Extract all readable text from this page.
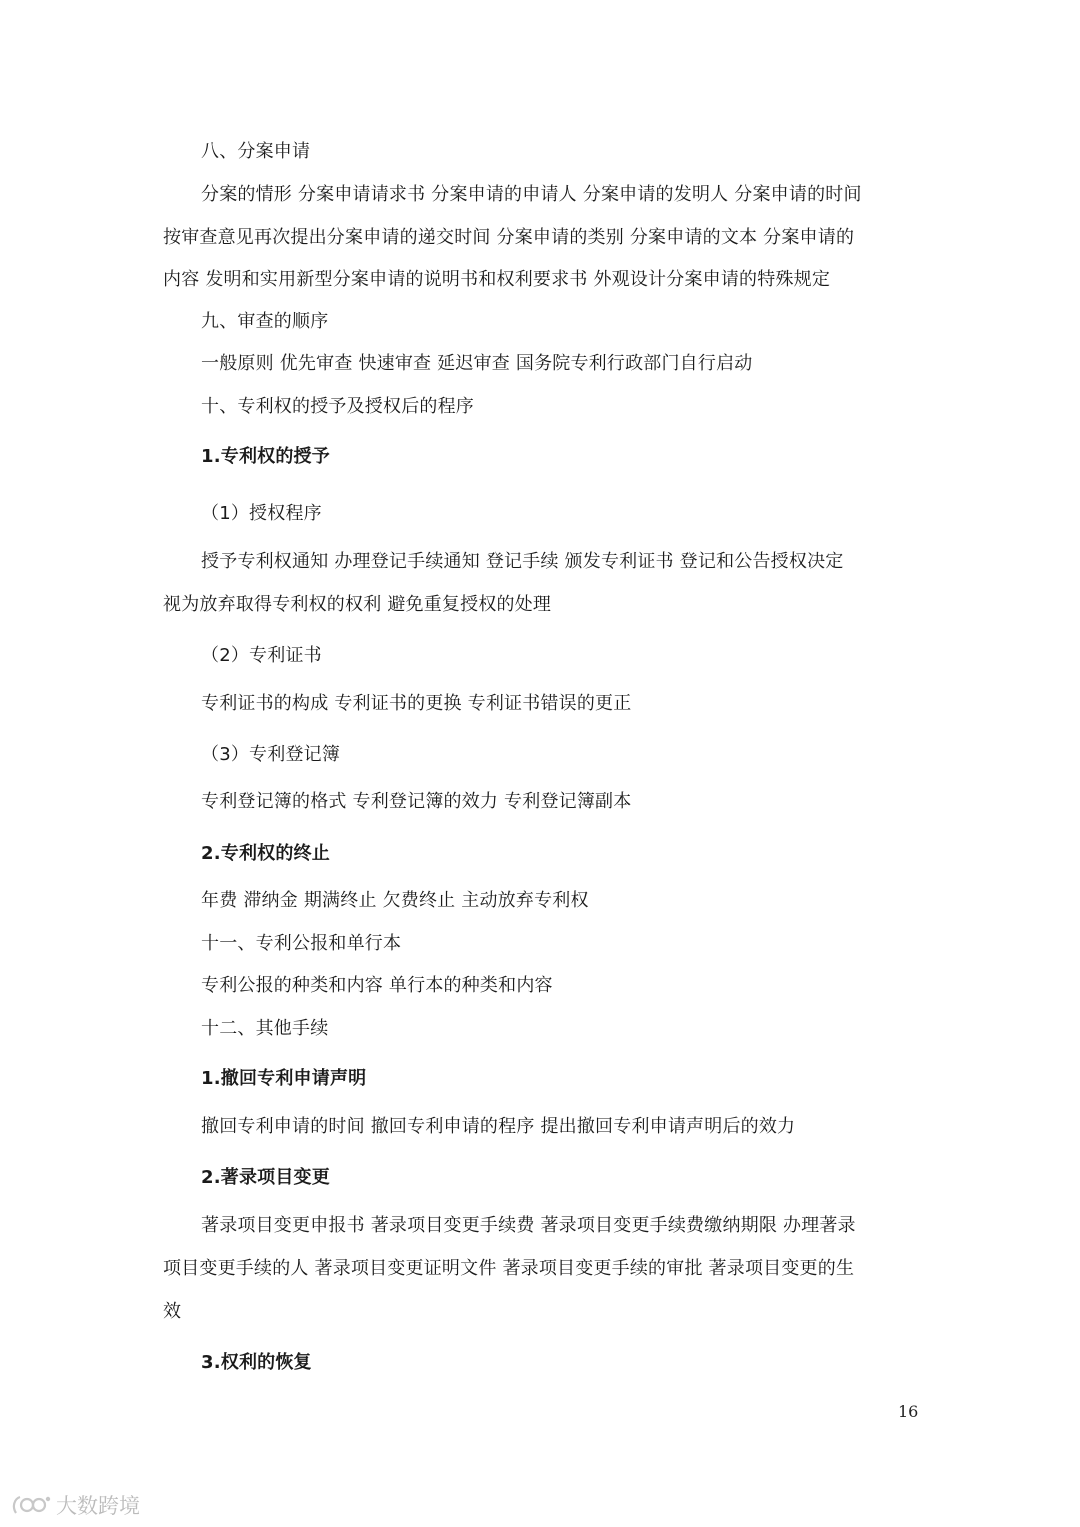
八、分案申请
分案的情形 分案申请请求书 分案申请的申请人 分案申请的发明人 分案申请的时间
按审查意见再次提出分案申请的递交时间 分案申请的类别 分案申请的文本 分案申请的
内容 发明和实用新型分案申请的说明书和权利要求书 外观设计分案申请的特殊规定
九、审查的顺序
一般原则 优先审查 快速审查 延迟审查 国务院专利行政部门自行启动
十、专利权的授予及授权后的程序
1.专利权的授予
（1）授权程序
授予专利权通知 办理登记手续通知 登记手续 颁发专利证书 登记和公告授权决定
视为放弃取得专利权的权利 避免重复授权的处理
（2）专利证书
专利证书的构成 专利证书的更换 专利证书错误的更正
（3）专利登记簿
专利登记簿的格式 专利登记簿的效力 专利登记簿副本
2.专利权的终止
年费 滞纳金 期满终止 欠费终止 主动放弃专利权
十一、专利公报和单行本
专利公报的种类和内容 单行本的种类和内容
十二、其他手续
1.撤回专利申请声明
撤回专利申请的时间 撤回专利申请的程序 提出撤回专利申请声明后的效力
2.著录项目变更
著录项目变更申报书 著录项目变更手续费 著录项目变更手续费缴纳期限 办理著录
项目变更手续的人 著录项目变更证明文件 著录项目变更手续的审批 著录项目变更的生
效
3.权利的恢复
16
大数跨境
